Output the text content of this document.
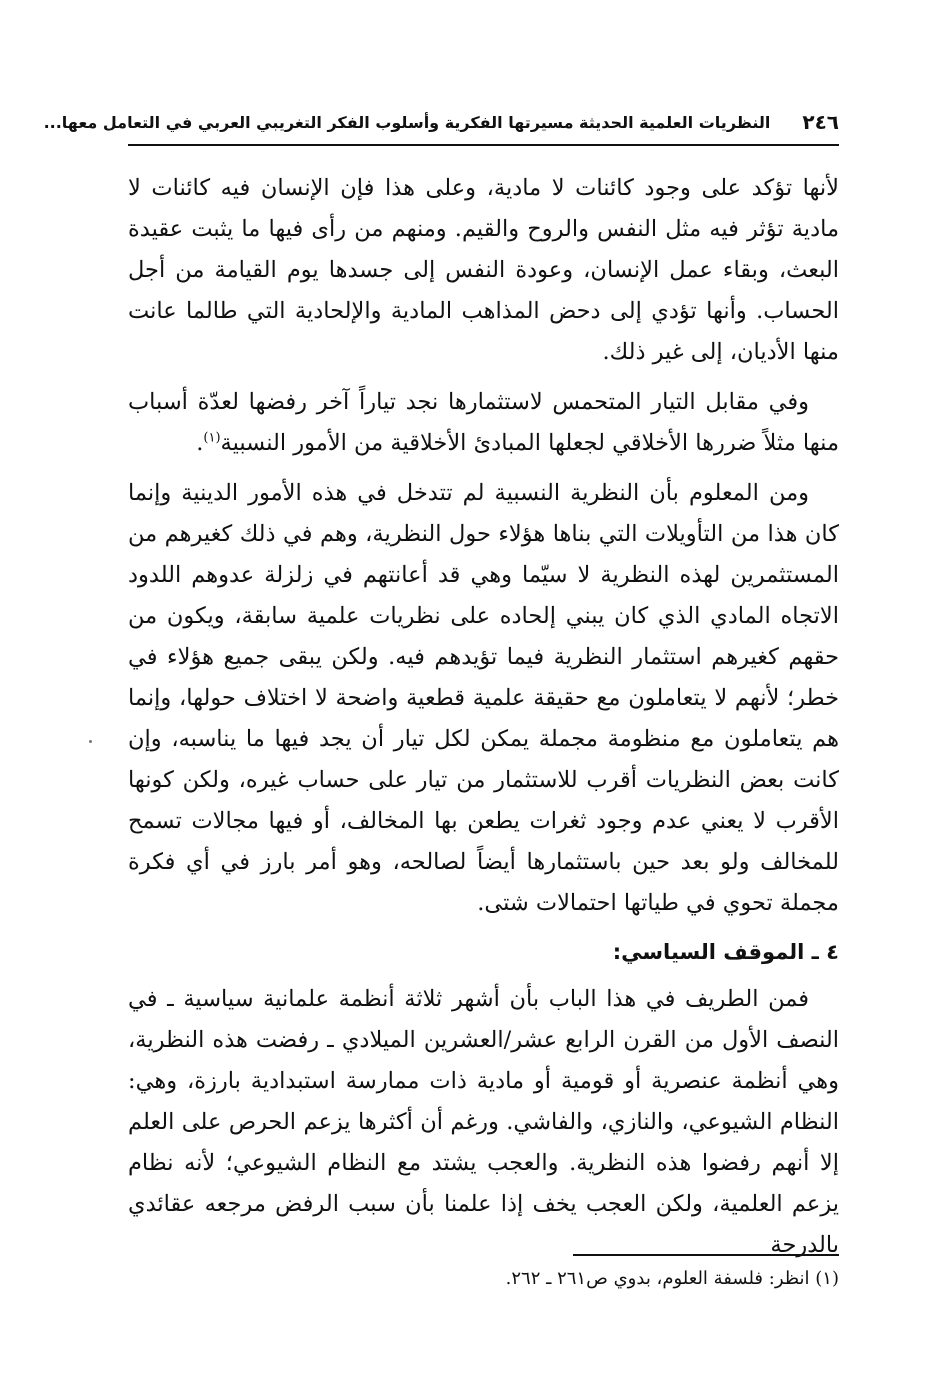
٢٤٦
النظريات العلمية الحديثة مسيرتها الفكرية وأسلوب الفكر التغريبي العربي في التعامل معها...

لأنها تؤكد على وجود كائنات لا مادية، وعلى هذا فإن الإنسان فيه كائنات لا مادية تؤثر فيه مثل النفس والروح والقيم. ومنهم من رأى فيها ما يثبت عقيدة البعث، وبقاء عمل الإنسان، وعودة النفس إلى جسدها يوم القيامة من أجل الحساب. وأنها تؤدي إلى دحض المذاهب المادية والإلحادية التي طالما عانت منها الأديان، إلى غير ذلك.

وفي مقابل التيار المتحمس لاستثمارها نجد تياراً آخر رفضها لعدّة أسباب منها مثلاً ضررها الأخلاقي لجعلها المبادئ الأخلاقية من الأمور النسبية$^{(١)}$.

ومن المعلوم بأن النظرية النسبية لم تتدخل في هذه الأمور الدينية وإنما كان هذا من التأويلات التي بناها هؤلاء حول النظرية، وهم في ذلك كغيرهم من المستثمرين لهذه النظرية لا سيّما وهي قد أعانتهم في زلزلة عدوهم اللدود الاتجاه المادي الذي كان يبني إلحاده على نظريات علمية سابقة، ويكون من حقهم كغيرهم استثمار النظرية فيما تؤيدهم فيه. ولكن يبقى جميع هؤلاء في خطر؛ لأنهم لا يتعاملون مع حقيقة علمية قطعية واضحة لا اختلاف حولها، وإنما هم يتعاملون مع منظومة مجملة يمكن لكل تيار أن يجد فيها ما يناسبه، وإن كانت بعض النظريات أقرب للاستثمار من تيار على حساب غيره، ولكن كونها الأقرب لا يعني عدم وجود ثغرات يطعن بها المخالف، أو فيها مجالات تسمح للمخالف ولو بعد حين باستثمارها أيضاً لصالحه، وهو أمر بارز في أي فكرة مجملة تحوي في طياتها احتمالات شتى.

٤ ـ الموقف السياسي:

فمن الطريف في هذا الباب بأن أشهر ثلاثة أنظمة علمانية سياسية ـ في النصف الأول من القرن الرابع عشر/العشرين الميلادي ـ رفضت هذه النظرية، وهي أنظمة عنصرية أو قومية أو مادية ذات ممارسة استبدادية بارزة، وهي: النظام الشيوعي، والنازي، والفاشي. ورغم أن أكثرها يزعم الحرص على العلم إلا أنهم رفضوا هذه النظرية. والعجب يشتد مع النظام الشيوعي؛ لأنه نظام يزعم العلمية، ولكن العجب يخف إذا علمنا بأن سبب الرفض مرجعه عقائدي بالدرجة

(١) انظر: فلسفة العلوم، بدوي ص٢٦١ ـ ٢٦٢.
